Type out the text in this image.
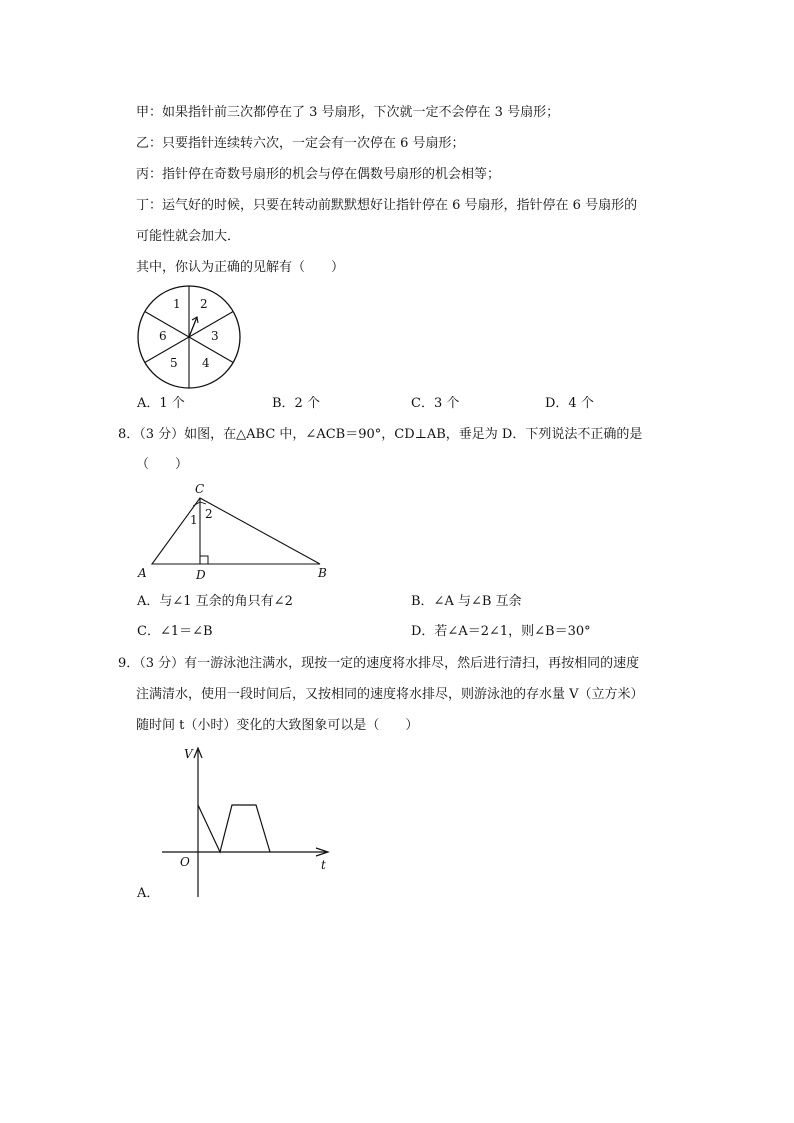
甲：如果指针前三次都停在了 3 号扇形，下次就一定不会停在 3 号扇形；
乙：只要指针连续转六次，一定会有一次停在 6 号扇形；
丙：指针停在奇数号扇形的机会与停在偶数号扇形的机会相等；
丁：运气好的时候，只要在转动前默默想好让指针停在 6 号扇形，指针停在 6 号扇形的
可能性就会加大．
其中，你认为正确的见解有（　　）
1 2
3
4
5
6
A．1 个	B．2 个	C．3 个	D．4 个
8．（3 分）如图，在△ABC 中，∠ACB＝90°，CD⊥AB，垂足为 D．下列说法不正确的是
（　　）
C
A	D	B
1 2
A．与∠1 互余的角只有∠2	B．∠A 与∠B 互余
C．∠1＝∠B	D．若∠A＝2∠1，则∠B＝30°
9．（3 分）有一游泳池注满水，现按一定的速度将水排尽，然后进行清扫，再按相同的速度
注满清水，使用一段时间后，又按相同的速度将水排尽，则游泳池的存水量 V（立方米）
随时间 t（小时）变化的大致图象可以是（　　）
V
O	t
A．
